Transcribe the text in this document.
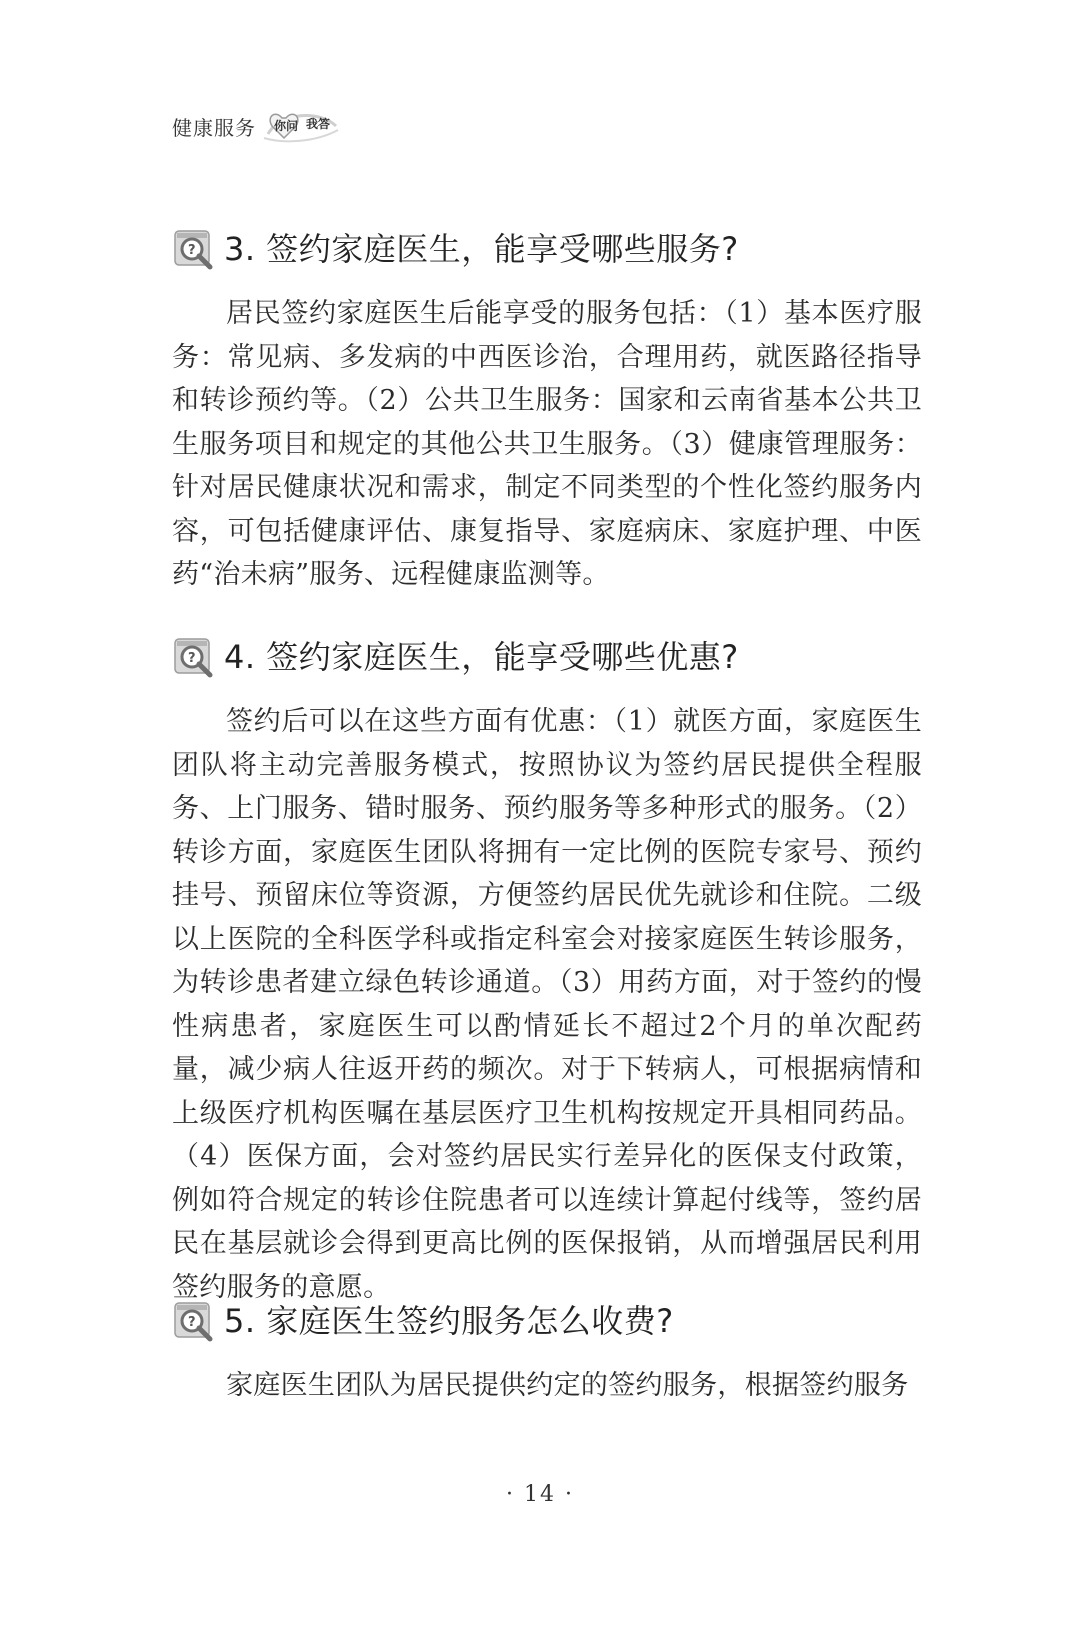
健康服务 你问 我答
? 3. 签约家庭医生，能享受哪些服务?

居民签约家庭医生后能享受的服务包括：（1）基本医疗服务：常见病、多发病的中西医诊治，合理用药，就医路径指导和转诊预约等。（2）公共卫生服务：国家和云南省基本公共卫生服务项目和规定的其他公共卫生服务。（3）健康管理服务：针对居民健康状况和需求，制定不同类型的个性化签约服务内容，可包括健康评估、康复指导、家庭病床、家庭护理、中医药“治未病”服务、远程健康监测等。

? 4. 签约家庭医生，能享受哪些优惠?

签约后可以在这些方面有优惠：（1）就医方面，家庭医生团队将主动完善服务模式，按照协议为签约居民提供全程服务、上门服务、错时服务、预约服务等多种形式的服务。（2）转诊方面，家庭医生团队将拥有一定比例的医院专家号、预约挂号、预留床位等资源，方便签约居民优先就诊和住院。二级以上医院的全科医学科或指定科室会对接家庭医生转诊服务，为转诊患者建立绿色转诊通道。（3）用药方面，对于签约的慢性病患者，家庭医生可以酌情延长不超过2个月的单次配药量，减少病人往返开药的频次。对于下转病人，可根据病情和上级医疗机构医嘱在基层医疗卫生机构按规定开具相同药品。（4）医保方面，会对签约居民实行差异化的医保支付政策，例如符合规定的转诊住院患者可以连续计算起付线等，签约居民在基层就诊会得到更高比例的医保报销，从而增强居民利用签约服务的意愿。

? 5. 家庭医生签约服务怎么收费?

家庭医生团队为居民提供约定的签约服务，根据签约服务

· 14 ·
